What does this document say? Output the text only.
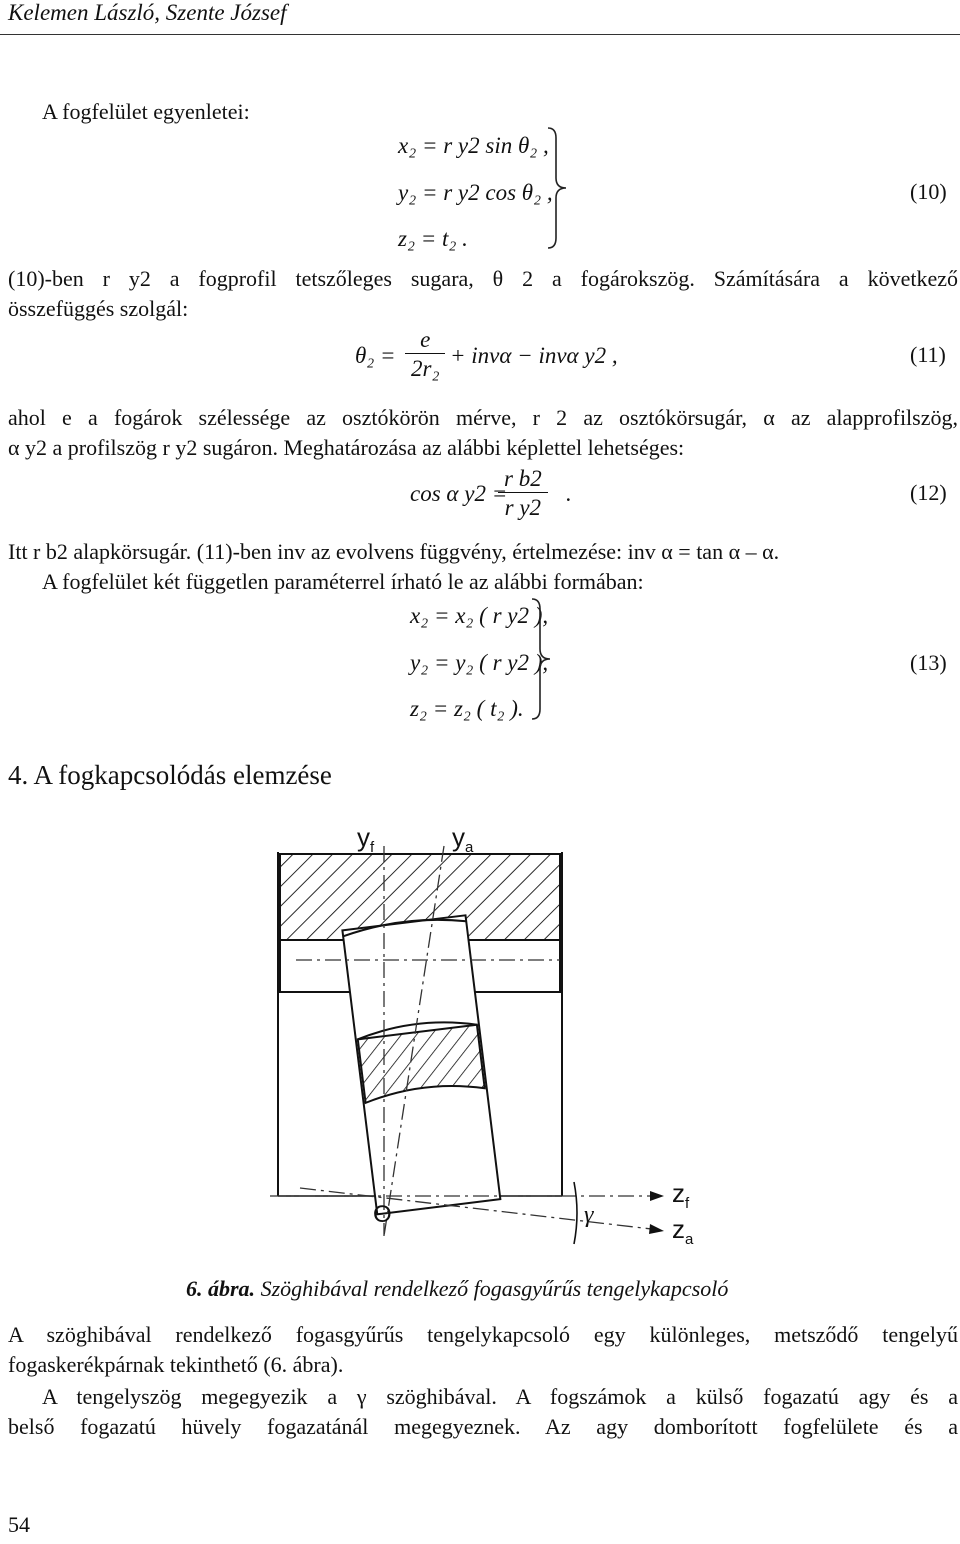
Kelemen László, Szente József
A fogfelület egyenletei:
x₂ = r y2 sin θ₂ ,
y₂ = r y2 cos θ₂ ,
z₂ = t₂ .
(10)
(10)-ben r y2 a fogprofil tetszőleges sugara, θ 2 a fogárokszög. Számítására a következő
összefüggés szolgál:
$\theta_2 = \frac{e}{\text{2r₂}} + inv\alpha - inv\alpha$ y2 ,	(11)
ahol e a fogárok szélessége az osztókörön mérve, r 2 az osztókörsugár, α az alapprofilszög,
α y2 a profilszög r y2 sugáron. Meghatározása az alábbi képlettel lehetséges:
cos α y2 =
$\frac{\text{r b2}}{\text{r y2}}$ .	(12)
Itt r b2 alapkörsugár. (11)-ben inv az evolvens függvény, értelmezése: inv α = tan α – α.
A fogfelület két független paraméterrel írható le az alábbi formában:
x₂ = x₂ ( r y2 ),
y₂ = y₂ ( r y2 ),
z₂ = z₂ ( t₂ ).
(13)
4. A fogkapcsolódás elemzése
$y_f$	$y_a$
$z_f$
$z_a$
O	γ
6. ábra. Szöghibával rendelkező fogasgyűrűs tengelykapcsoló
A szöghibával rendelkező fogasgyűrűs tengelykapcsoló egy különleges, metsződő tengelyű
fogaskerékpárnak tekinthető (6. ábra).
A tengelyszög megegyezik a γ szöghibával. A fogszámok a külső fogazatú agy és a
belső fogazatú hüvely fogazatánál megegyeznek. Az agy domborított fogfelülete és a
54
